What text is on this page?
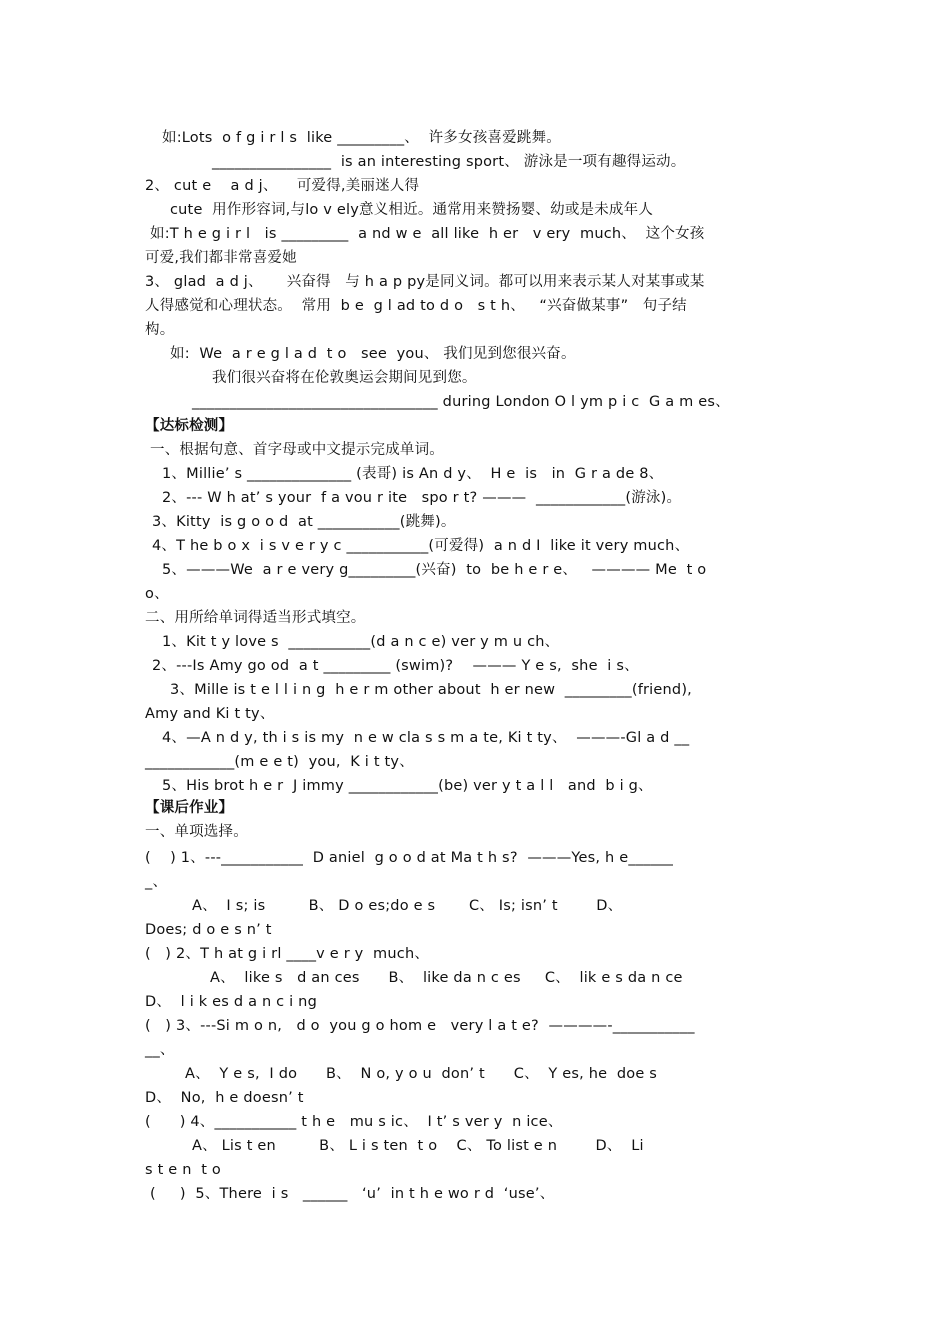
如:Lots  o f g i r l s  like _________、  许多女孩喜爱跳舞。
________________  is an interesting sport、 游泳是一项有趣得运动。
2、 cut e    a d j、    可爱得,美丽迷人得
cute  用作形容词,与lo v ely意义相近。通常用来赞扬婴、幼或是未成年人
如:T h e g i r l   is _________  a nd w e  all like  h er   v ery  much、  这个女孩
可爱,我们都非常喜爱她
3、 glad  a d j、     兴奋得   与 h a p py是同义词。都可以用来表示某人对某事或某
人得感觉和心理状态。  常用  b e  g l ad to d o   s t h、   “兴奋做某事”   句子结
构。
如:  We  a r e g l a d  t o   see  you、 我们见到您很兴奋。
我们很兴奋将在伦敦奥运会期间见到您。
_________________________________ during London O l ym p i c  G a m es、
【达标检测】
一、根据句意、首字母或中文提示完成单词。
1、Millie’ s ______________ (表哥) is An d y、  H e  is   in  G r a de 8、
2、--- W h at’ s your  f a vou r ite   spo r t? ———  ____________(游泳)。
3、Kitty  is g o o d  at ___________(跳舞)。
4、T he b o x  i s v e r y c ___________(可爱得)  a n d I  like it very much、
5、———We  a r e very g_________(兴奋)  to  be h e r e、   ———— Me  t o
o、
二、用所给单词得适当形式填空。
1、Kit t y love s  ___________(d a n c e) ver y m u ch、
2、---Is Amy go od  a t _________ (swim)?    ——— Y e s,  she  i s、
3、Mille is t e l l i n g  h e r m other about  h er new  _________(friend),
Amy and Ki t ty、
4、—A n d y, th i s is my  n e w cla s s m a te, Ki t ty、  ———-Gl a d __
____________(m e e t)  you,  K i t ty、
5、His brot h e r  J immy ____________(be) ver y t a l l   and  b i g、
【课后作业】
一、单项选择。
(    ) 1、---___________  D aniel  g o o d at Ma t h s?  ———Yes, h e______
_、
A、  I s; is         B、 D o es;do e s       C、 Is; isn’ t        D、
Does; d o e s n’ t
(   ) 2、T h at g i rl ____v e r y  much、
A、  like s   d an ces      B、  like da n c es     C、  lik e s da n ce
D、  l i k es d a n c i ng
(   ) 3、---Si m o n,   d o  you g o hom e   very l a t e?  ————-___________
__、
A、  Y e s,  I do      B、  N o, y o u  don’ t      C、  Y es, he  doe s
D、  No,  h e doesn’ t
(      ) 4、___________ t h e   mu s ic、  I t’ s ver y  n ice、
A、 Lis t en         B、 L i s ten  t o    C、 To list e n        D、  Li
s t e n  t o
(     )  5、There  i s   ______   ‘u’  in t h e wo r d  ‘use’、
